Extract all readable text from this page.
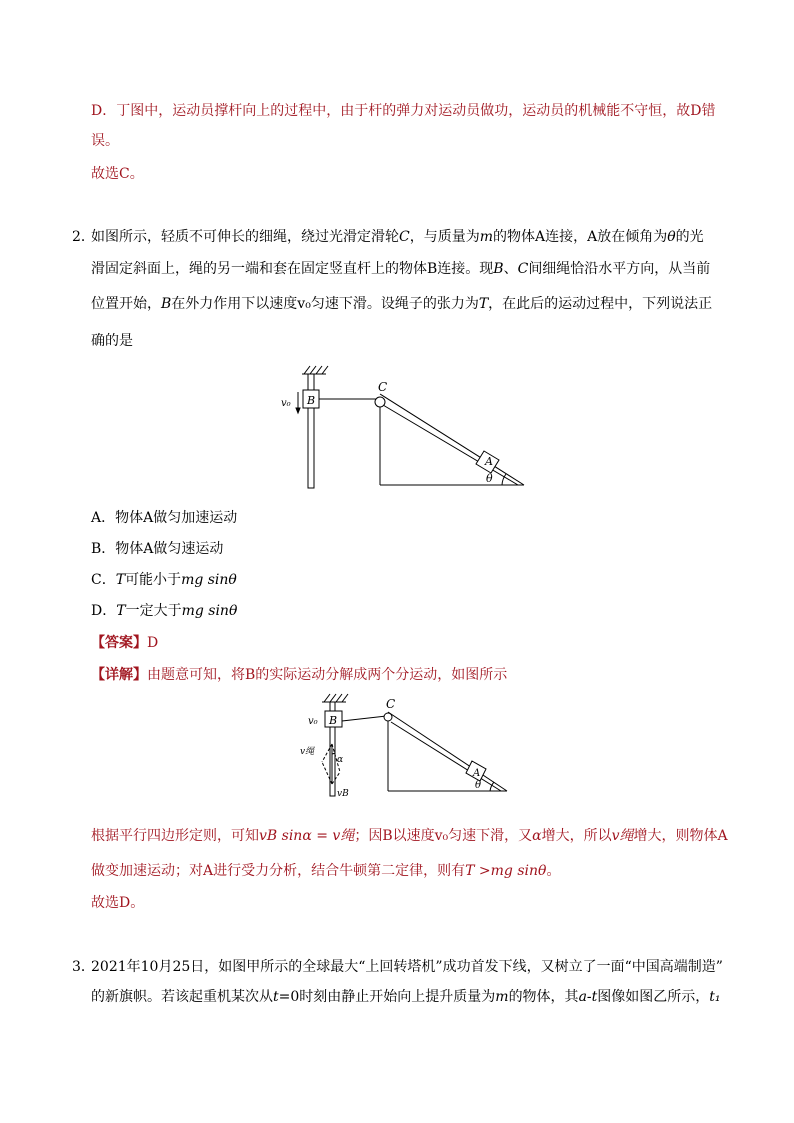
D．丁图中，运动员撑杆向上的过程中，由于杆的弹力对运动员做功，运动员的机械能不守恒，故D错
误。
故选C。
2．
如图所示，轻质不可伸长的细绳，绕过光滑定滑轮C，与质量为m的物体A连接，A放在倾角为θ的光
滑固定斜面上，绳的另一端和套在固定竖直杆上的物体B连接。现B、C间细绳恰沿水平方向，从当前
位置开始，B在外力作用下以速度v₀匀速下滑。设绳子的张力为T，在此后的运动过程中，下列说法正
确的是
B
C
A
θ
v₀
A．物体A做匀加速运动
B．物体A做匀速运动
C．T可能小于mg sinθ
D．T一定大于mg sinθ
【答案】D
【详解】由题意可知，将B的实际运动分解成两个分运动，如图所示
B
C
A
θ
v₀
v绳
vB
α
根据平行四边形定则，可知vB sinα = v绳；因B以速度v₀匀速下滑，又α增大，所以v绳增大，则物体A
做变加速运动；对A进行受力分析，结合牛顿第二定律，则有T >mg sinθ。
故选D。
3．
2021年10月25日，如图甲所示的全球最大“上回转塔机”成功首发下线，又树立了一面“中国高端制造”
的新旗帜。若该起重机某次从t=0时刻由静止开始向上提升质量为m的物体，其a-t图像如图乙所示，t₁
